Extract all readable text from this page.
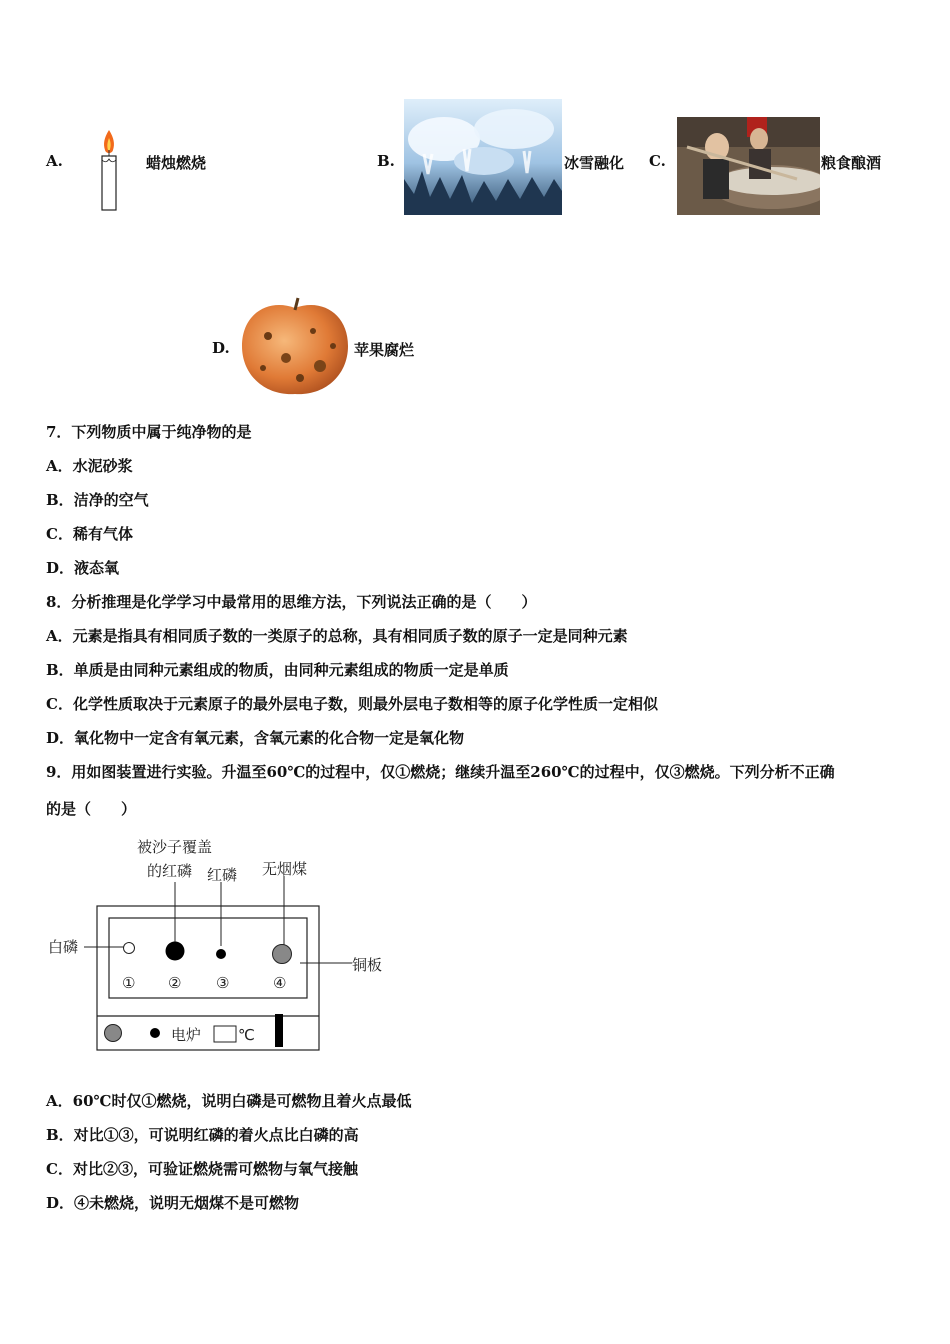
A.	蜡烛燃烧	B.	冰雪融化 C.	粮食酿酒
D.	苹果腐烂
7．下列物质中属于纯净物的是
A．水泥砂浆
B．洁净的空气
C．稀有气体
D．液态氧
8．分析推理是化学学习中最常用的思维方法，下列说法正确的是（　　）
A．元素是指具有相同质子数的一类原子的总称，具有相同质子数的原子一定是同种元素
B．单质是由同种元素组成的物质，由同种元素组成的物质一定是单质
C．化学性质取决于元素原子的最外层电子数，则最外层电子数相等的原子化学性质一定相似
D．氧化物中一定含有氧元素，含氧元素的化合物一定是氧化物
9．用如图装置进行实验。升温至60℃的过程中，仅①燃烧；继续升温至260℃的过程中，仅③燃烧。下列分析不正确
的是（　　）
被沙子覆盖
的红磷 红磷 无烟煤
白磷
铜板
① ② ③	④
电炉 ℃
A．60℃时仅①燃烧，说明白磷是可燃物且着火点最低
B．对比①③，可说明红磷的着火点比白磷的高
C．对比②③，可验证燃烧需可燃物与氧气接触
D．④未燃烧，说明无烟煤不是可燃物
